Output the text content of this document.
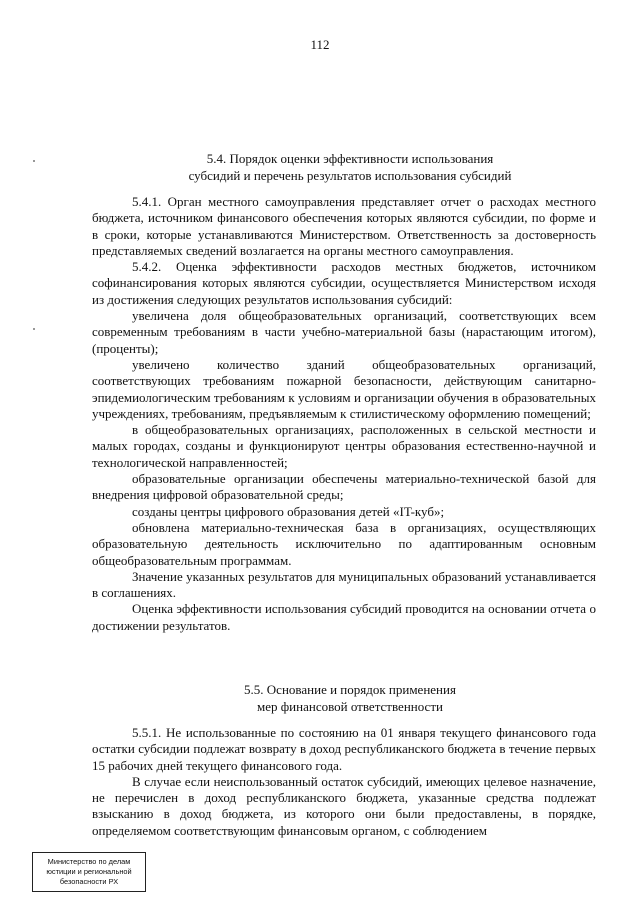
112
5.4. Порядок оценки эффективности использования
субсидий и перечень результатов использования субсидий

5.4.1. Орган местного самоуправления представляет отчет о расходах местного бюджета, источником финансового обеспечения которых являются субсидии, по форме и в сроки, которые устанавливаются Министерством. Ответственность за достоверность представляемых сведений возлагается на органы местного самоуправления.

5.4.2. Оценка эффективности расходов местных бюджетов, источником софинансирования которых являются субсидии, осуществляется Министерством исходя из достижения следующих результатов использования субсидий:

увеличена доля общеобразовательных организаций, соответствующих всем современным требованиям в части учебно-материальной базы (нарастающим итогом), (проценты);

увеличено количество зданий общеобразовательных организаций, соответствующих требованиям пожарной безопасности, действующим санитарно-эпидемиологическим требованиям к условиям и организации обучения в образовательных учреждениях, требованиям, предъявляемым к стилистическому оформлению помещений;

в общеобразовательных организациях, расположенных в сельской местности и малых городах, созданы и функционируют центры образования естественно-научной и технологической направленностей;

образовательные организации обеспечены материально-технической базой для внедрения цифровой образовательной среды;

созданы центры цифрового образования детей «IT-куб»;

обновлена материально-техническая база в организациях, осуществляющих образовательную деятельность исключительно по адаптированным основным общеобразовательным программам.

Значение указанных результатов для муниципальных образований устанавливается в соглашениях.

Оценка эффективности использования субсидий проводится на основании отчета о достижении результатов.

5.5. Основание и порядок применения
мер финансовой ответственности

5.5.1. Не использованные по состоянию на 01 января текущего финансового года остатки субсидии подлежат возврату в доход республиканского бюджета в течение первых 15 рабочих дней текущего финансового года.

В случае если неиспользованный остаток субсидий, имеющих целевое назначение, не перечислен в доход республиканского бюджета, указанные средства подлежат взысканию в доход бюджета, из которого они были предоставлены, в порядке, определяемом соответствующим финансовым органом, с соблюдением

Министерство по делам
юстиции и региональной
безопасности РХ
